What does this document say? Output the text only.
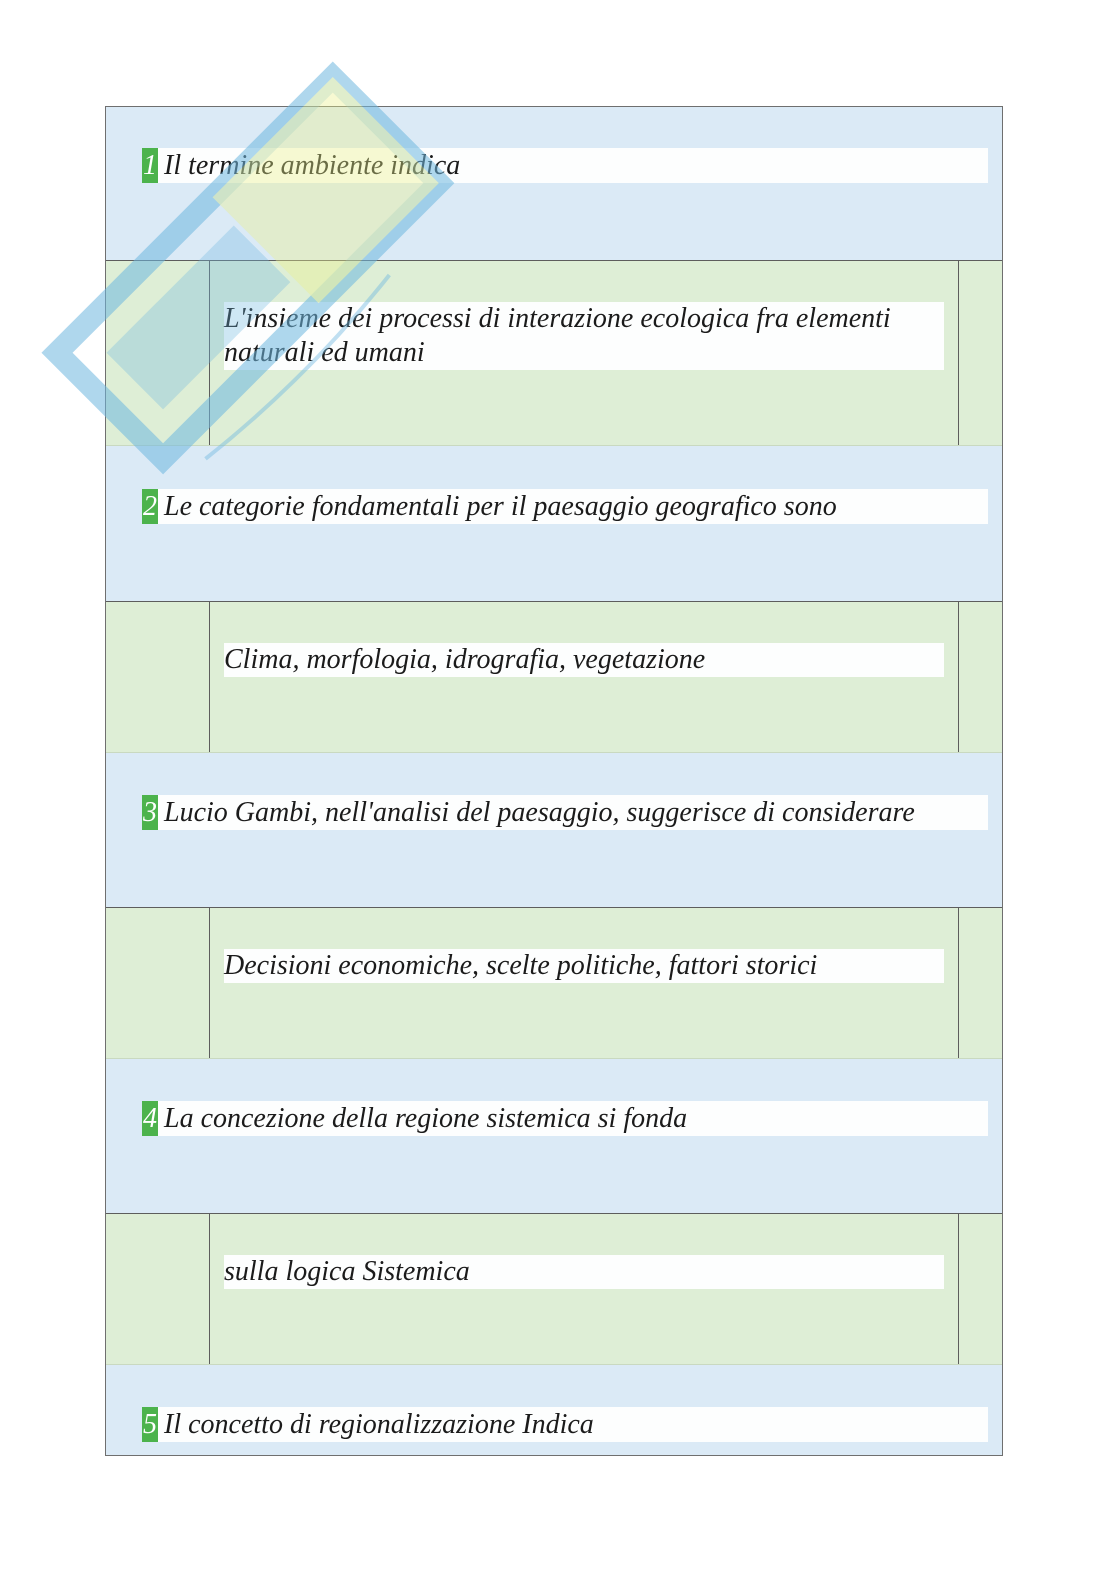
1 Il termine ambiente indica
L'insieme dei processi di interazione ecologica fra elementi naturali ed umani
2 Le categorie fondamentali per il paesaggio geografico sono
Clima, morfologia, idrografia, vegetazione
3 Lucio Gambi, nell'analisi del paesaggio, suggerisce di considerare
Decisioni economiche, scelte politiche, fattori storici
4 La concezione della regione sistemica si fonda
sulla logica Sistemica
5 Il concetto di regionalizzazione Indica
